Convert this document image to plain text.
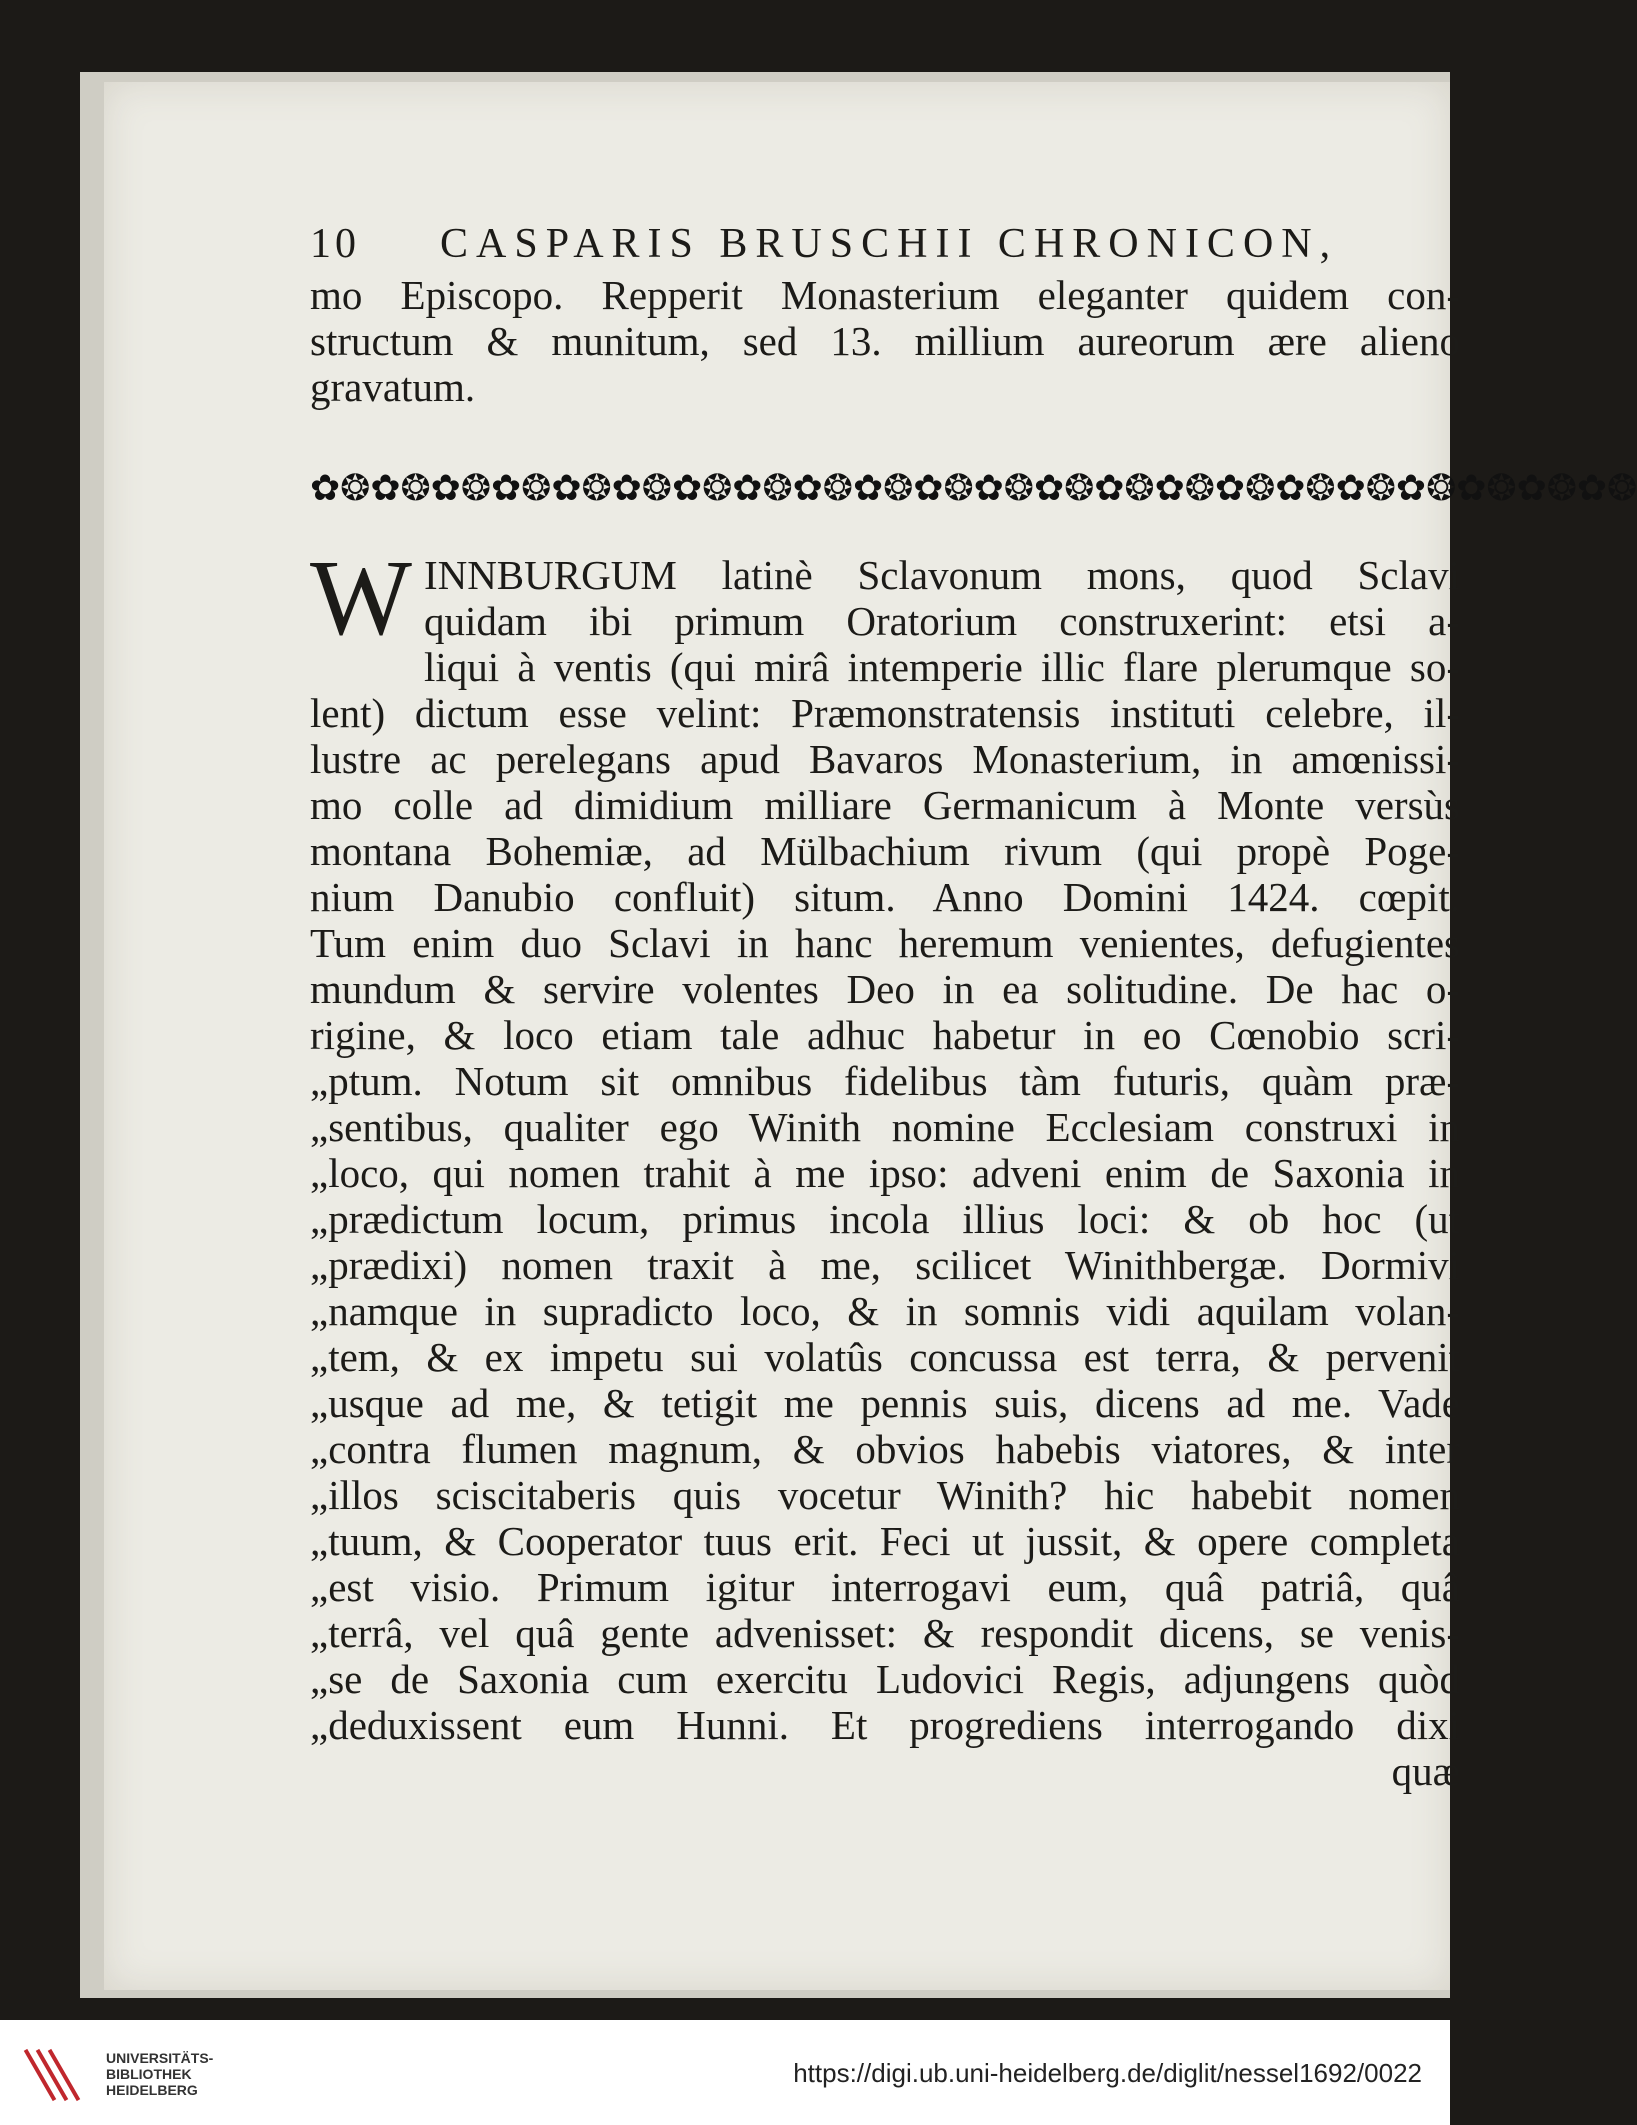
10	CASPARIS BRUSCHII CHRONICON,
mo Episcopo. Repperit Monasterium eleganter quidem con-
structum & munitum, sed 13. millium aureorum ære alieno
gravatum.
✿❂✿❂✿❂✿❂✿❂✿❂✿❂✿❂✿❂✿❂✿❂✿❂✿❂✿❂✿❂✿❂✿❂✿❂✿❂✿❂✿❂✿❂
W INNBURGUM latinè Sclavonum mons, quod Sclavi
quidam ibi primum Oratorium construxerint: etsi a-
liqui à ventis (qui mirâ intemperie illic flare plerumque so-
lent) dictum esse velint: Præmonstratensis instituti celebre, il-
lustre ac perelegans apud Bavaros Monasterium, in amœnissi-
mo colle ad dimidium milliare Germanicum à Monte versùs
montana Bohemiæ, ad Mülbachium rivum (qui propè Poge-
nium Danubio confluit) situm. Anno Domini 1424. cœpit.
Tum enim duo Sclavi in hanc heremum venientes, defugientes
mundum & servire volentes Deo in ea solitudine. De hac o-
rigine, & loco etiam tale adhuc habetur in eo Cœnobio scri-
„ptum. Notum sit omnibus fidelibus tàm futuris, quàm præ-
„sentibus, qualiter ego Winith nomine Ecclesiam construxi in
„loco, qui nomen trahit à me ipso: adveni enim de Saxonia in
„prædictum locum, primus incola illius loci: & ob hoc (ut
„prædixi) nomen traxit à me, scilicet Winithbergæ. Dormivi
„namque in supradicto loco, & in somnis vidi aquilam volan-
„tem, & ex impetu sui volatûs concussa est terra, & pervenit
„usque ad me, & tetigit me pennis suis, dicens ad me. Vade
„contra flumen magnum, & obvios habebis viatores, & inter
„illos sciscitaberis quis vocetur Winith? hic habebit nomen
„tuum, & Cooperator tuus erit. Feci ut jussit, & opere completa
„est visio. Primum igitur interrogavi eum, quâ patriâ, quâ
„terrâ, vel quâ gente advenisset: & respondit dicens, se venis-
„se de Saxonia cum exercitu Ludovici Regis, adjungens quòd
„deduxissent eum Hunni. Et progrediens interrogando dixi
quæ
UNIVERSITÄTS-
BIBLIOTHEK
HEIDELBERG
https://digi.ub.uni-heidelberg.de/diglit/nessel1692/0022
